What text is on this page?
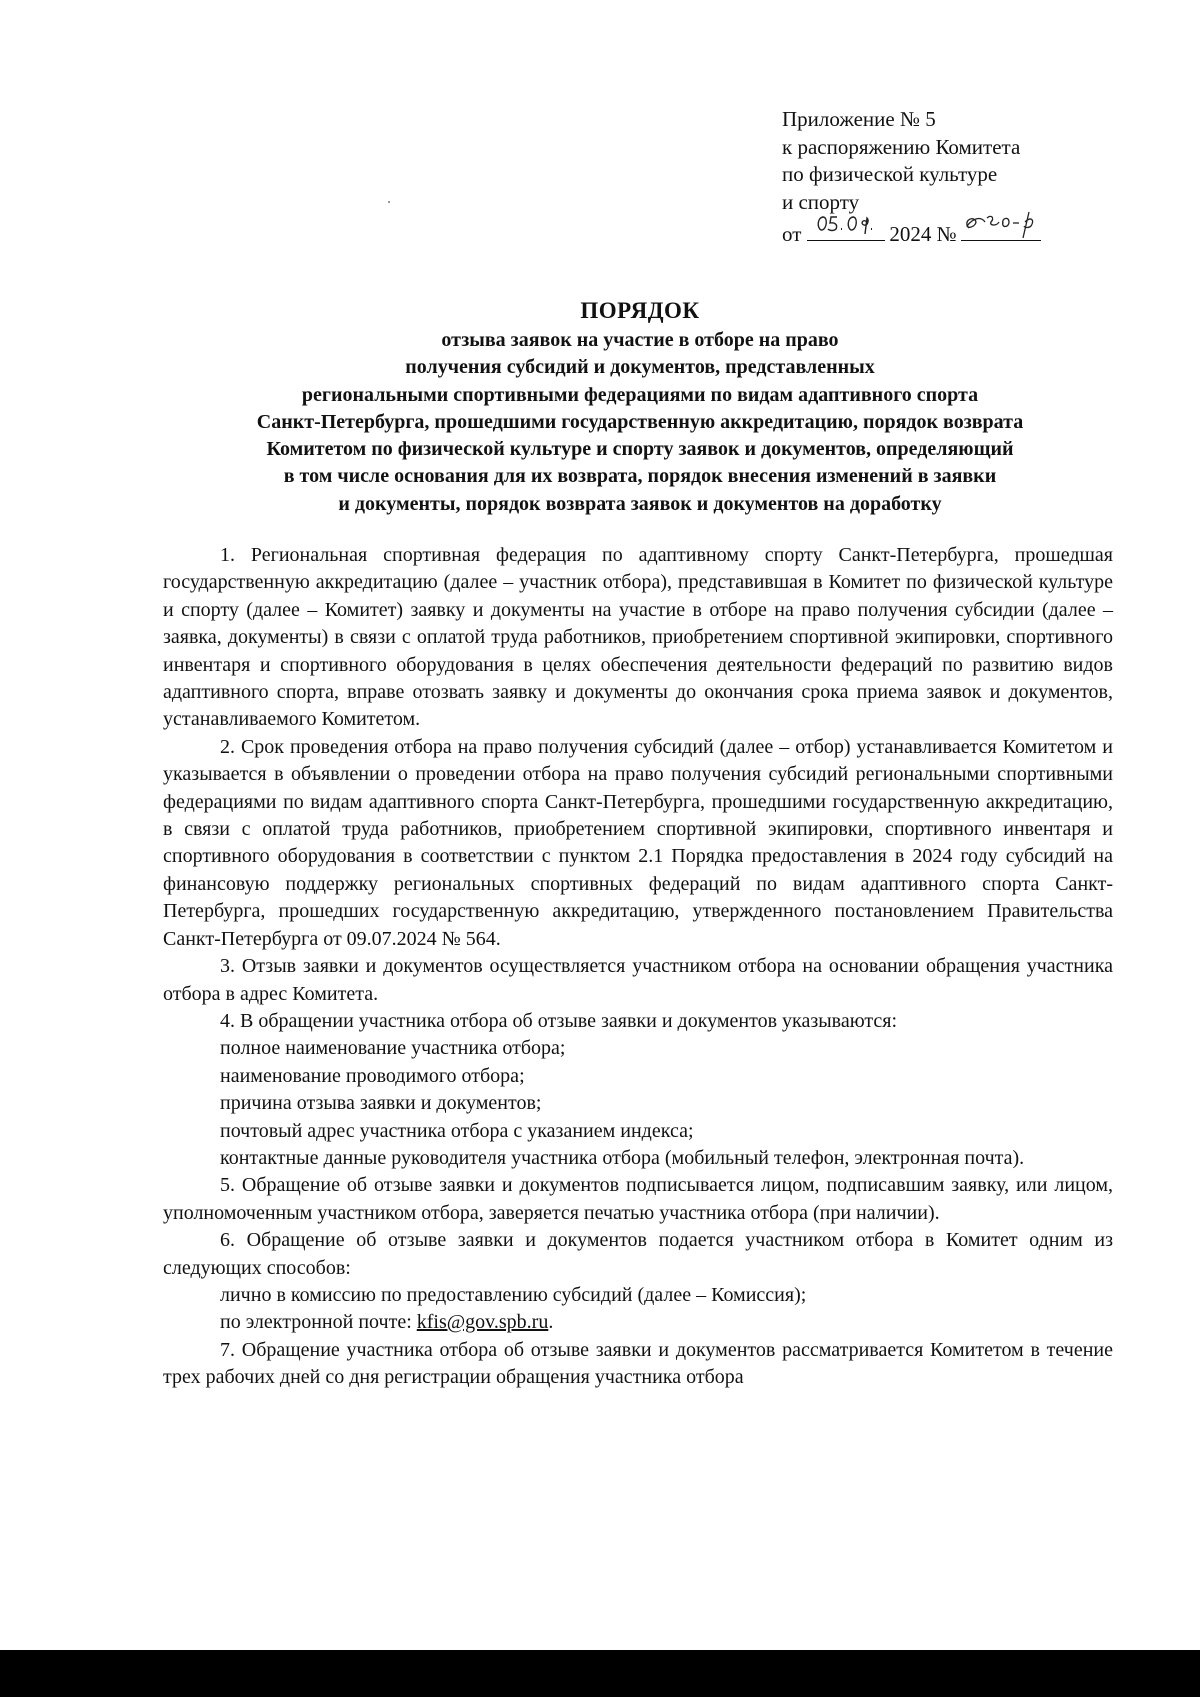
Приложение № 5
к распоряжению Комитета
по физической культуре
и спорту
от	2024 №
ПОРЯДОК
отзыва заявок на участие в отборе на право
получения субсидий и документов, представленных
региональными спортивными федерациями по видам адаптивного спорта
Санкт-Петербурга, прошедшими государственную аккредитацию, порядок возврата
Комитетом по физической культуре и спорту заявок и документов, определяющий
в том числе основания для их возврата, порядок внесения изменений в заявки
и документы, порядок возврата заявок и документов на доработку

1. Региональная спортивная федерация по адаптивному спорту Санкт-Петербурга, прошедшая государственную аккредитацию (далее – участник отбора), представившая в Комитет по физической культуре и спорту (далее – Комитет) заявку и документы на участие в отборе на право получения субсидии (далее – заявка, документы) в связи с оплатой труда работников, приобретением спортивной экипировки, спортивного инвентаря и спортивного оборудования в целях обеспечения деятельности федераций по развитию видов адаптивного спорта, вправе отозвать заявку и документы до окончания срока приема заявок и документов, устанавливаемого Комитетом.

2. Срок проведения отбора на право получения субсидий (далее – отбор) устанавливается Комитетом и указывается в объявлении о проведении отбора на право получения субсидий региональными спортивными федерациями по видам адаптивного спорта Санкт-Петербурга, прошедшими государственную аккредитацию, в связи с оплатой труда работников, приобретением спортивной экипировки, спортивного инвентаря и спортивного оборудования в соответствии с пунктом 2.1 Порядка предоставления в 2024 году субсидий на финансовую поддержку региональных спортивных федераций по видам адаптивного спорта Санкт-Петербурга, прошедших государственную аккредитацию, утвержденного постановлением Правительства Санкт-Петербурга от 09.07.2024 № 564.

3. Отзыв заявки и документов осуществляется участником отбора на основании обращения участника отбора в адрес Комитета.

4. В обращении участника отбора об отзыве заявки и документов указываются:

полное наименование участника отбора;

наименование проводимого отбора;

причина отзыва заявки и документов;

почтовый адрес участника отбора с указанием индекса;

контактные данные руководителя участника отбора (мобильный телефон, электронная почта).

5. Обращение об отзыве заявки и документов подписывается лицом, подписавшим заявку, или лицом, уполномоченным участником отбора, заверяется печатью участника отбора (при наличии).

6. Обращение об отзыве заявки и документов подается участником отбора в Комитет одним из следующих способов:

лично в комиссию по предоставлению субсидий (далее – Комиссия);

по электронной почте: kfis@gov.spb.ru.

7. Обращение участника отбора об отзыве заявки и документов рассматривается Комитетом в течение трех рабочих дней со дня регистрации обращения участника отбора
